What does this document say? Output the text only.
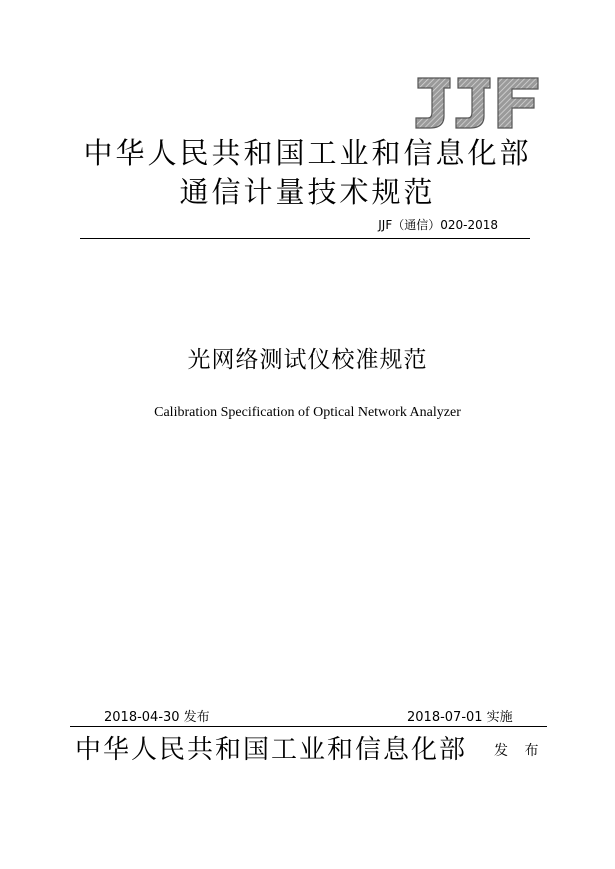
JJF
中华人民共和国工业和信息化部
通信计量技术规范
JJF（通信）020-2018
光网络测试仪校准规范
Calibration Specification of Optical Network Analyzer
2018-04-30 发布	2018-07-01 实施
中华人民共和国工业和信息化部 发 布
